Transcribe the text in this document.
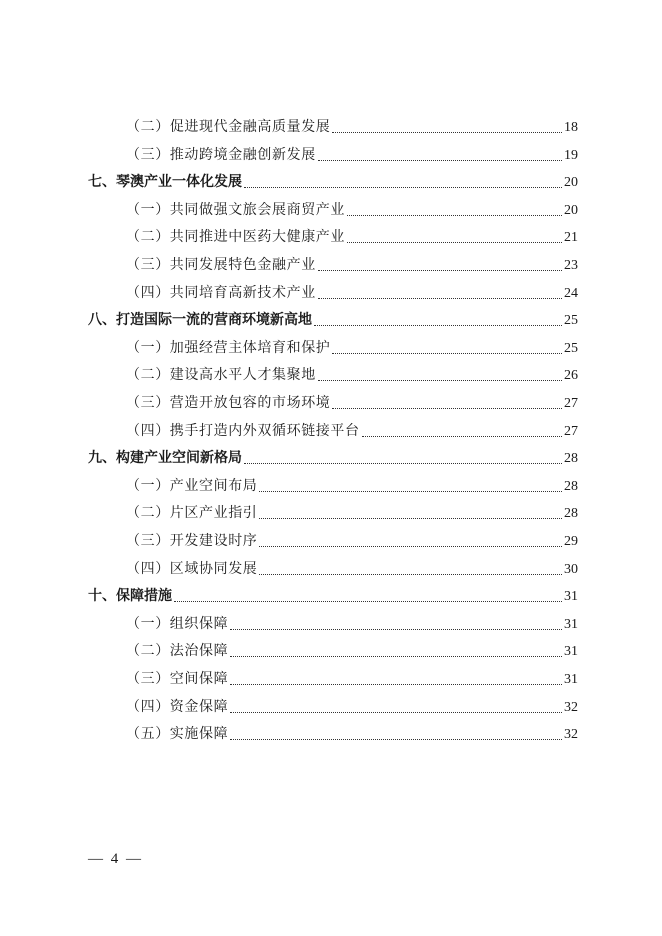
（二）促进现代金融高质量发展	18
（三）推动跨境金融创新发展	19
七、琴澳产业一体化发展	20
（一）共同做强文旅会展商贸产业	20
（二）共同推进中医药大健康产业	21
（三）共同发展特色金融产业	23
（四）共同培育高新技术产业	24
八、打造国际一流的营商环境新高地	25
（一）加强经营主体培育和保护	25
（二）建设高水平人才集聚地	26
（三）营造开放包容的市场环境	27
（四）携手打造内外双循环链接平台	27
九、构建产业空间新格局	28
（一）产业空间布局	28
（二）片区产业指引	28
（三）开发建设时序	29
（四）区域协同发展	30
十、保障措施	31
（一）组织保障	31
（二）法治保障	31
（三）空间保障	31
（四）资金保障	32
（五）实施保障	32
— 4 —
